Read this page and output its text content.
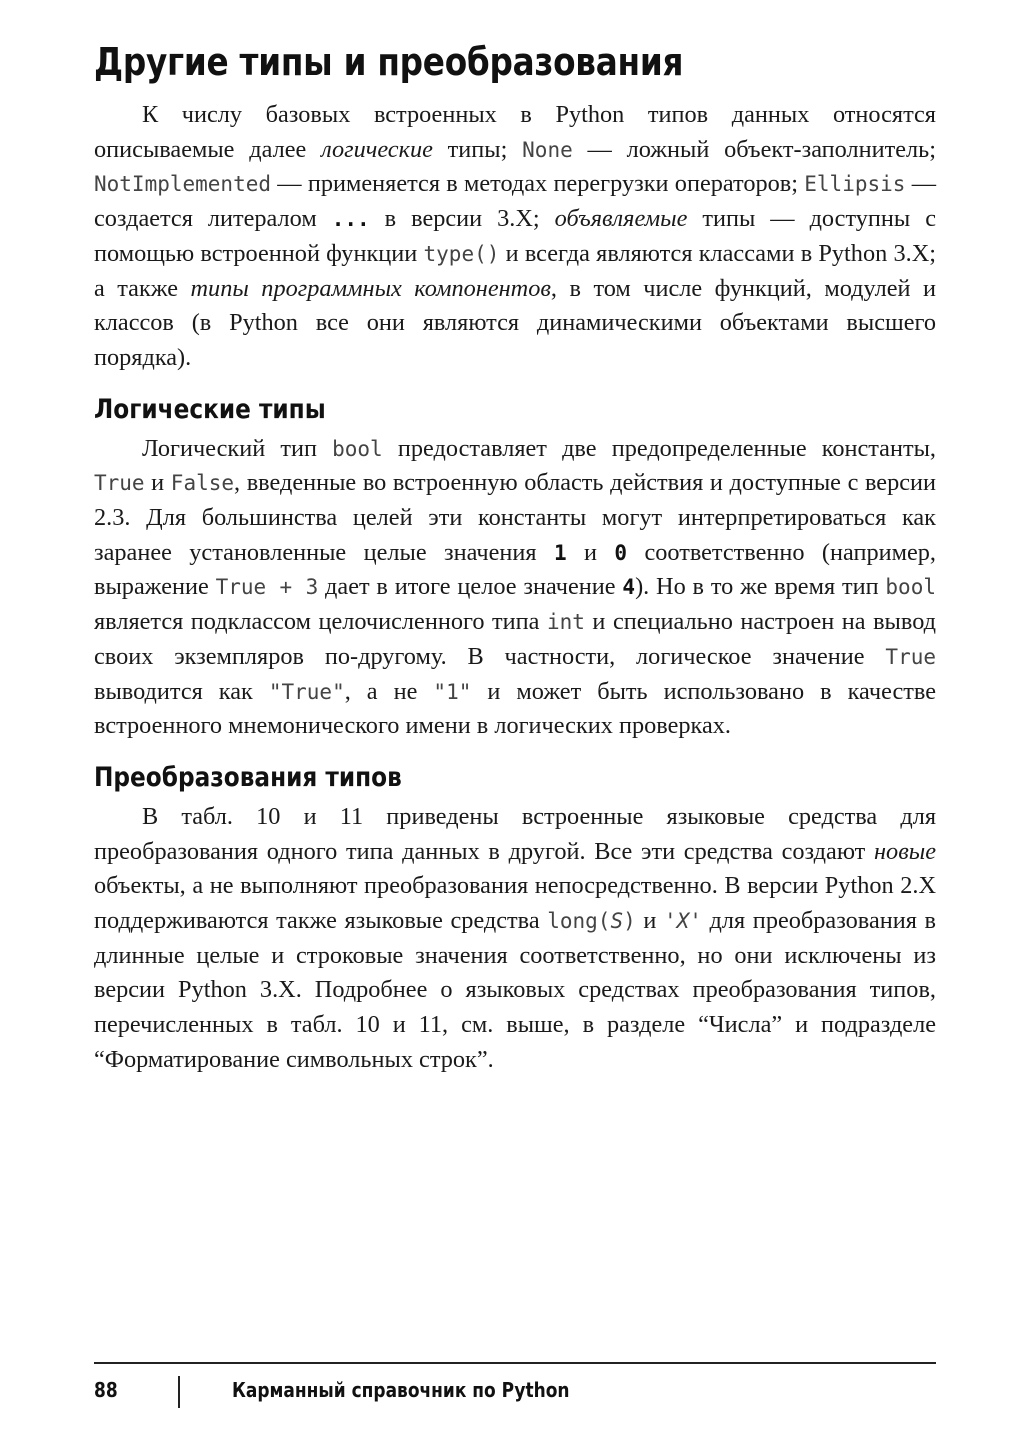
Другие типы и преобразования

К числу базовых встроенных в Python типов данных относятся описываемые далее логические типы; None — ложный объект-заполнитель; NotImplemented — применяется в методах перегрузки операторов; Ellipsis — создается литералом ... в версии 3.X; объявляемые типы — доступны с помощью встроенной функции type() и всегда являются классами в Python 3.X; а также типы программных компонентов, в том числе функций, модулей и классов (в Python все они являются динамическими объектами высшего порядка).

Логические типы

Логический тип bool предоставляет две предопределенные константы, True и False, введенные во встроенную область действия и доступные с версии 2.3. Для большинства целей эти константы могут интерпретироваться как заранее установленные целые значения 1 и 0 соответственно (например, выражение True + 3 дает в итоге целое значение 4). Но в то же время тип bool является подклассом целочисленного типа int и специально настроен на вывод своих экземпляров по-другому. В частности, логическое значение True выводится как "True", а не "1" и может быть использовано в качестве встроенного мнемонического имени в логических проверках.

Преобразования типов

В табл. 10 и 11 приведены встроенные языковые средства для преобразования одного типа данных в другой. Все эти средства создают новые объекты, а не выполняют преобразования непосредственно. В версии Python 2.X поддерживаются также языковые средства long(S) и 'X' для преобразования в длинные целые и строковые значения соответственно, но они исключены из версии Python 3.X. Подробнее о языковых средствах преобразования типов, перечисленных в табл. 10 и 11, см. выше, в разделе “Числа” и подразделе “Форматирование символьных строк”.

88	Карманный справочник по Python
